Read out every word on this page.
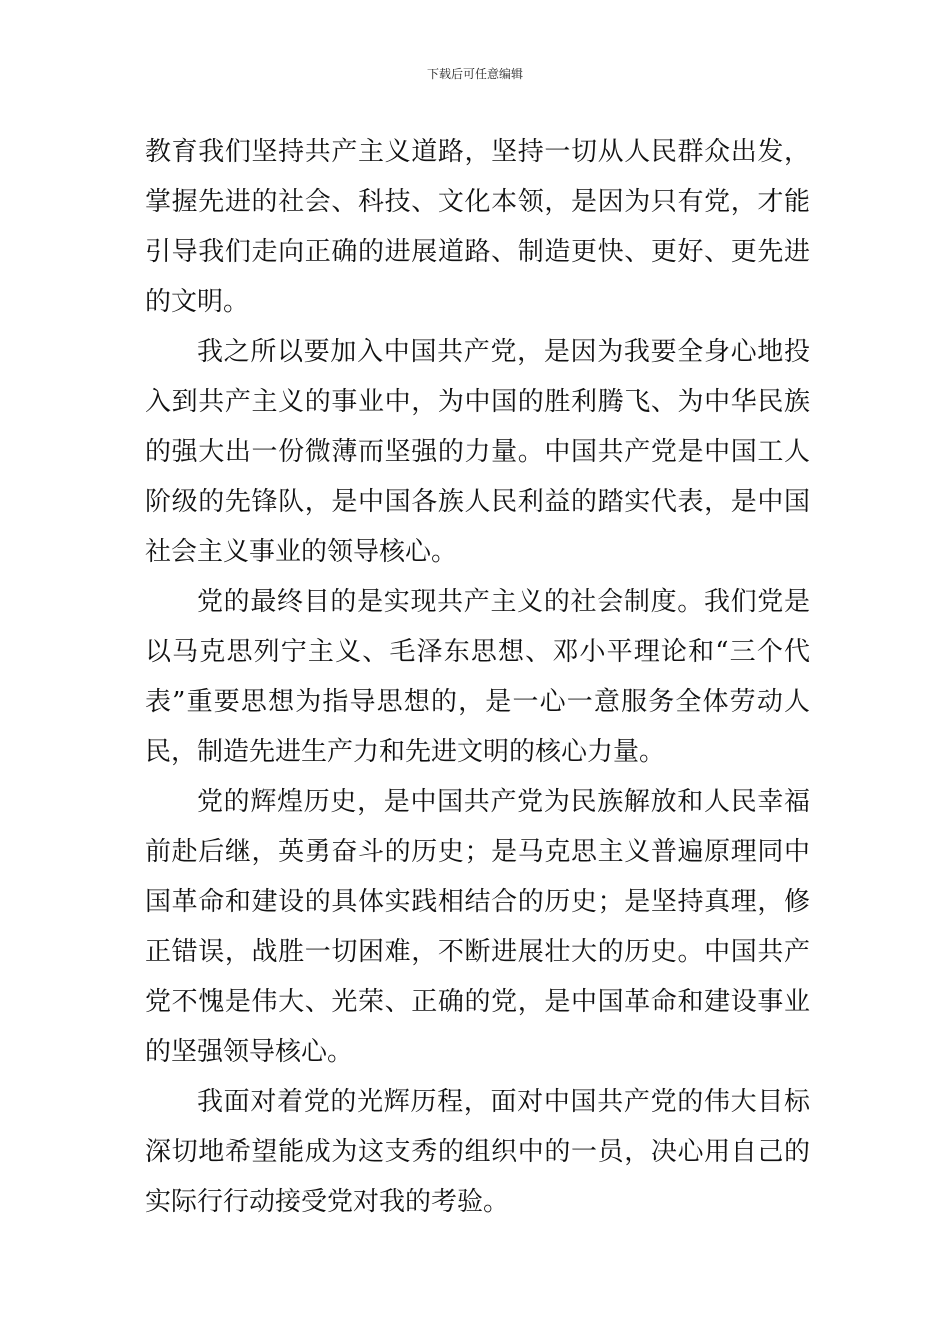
下载后可任意编辑

教育我们坚持共产主义道路，坚持一切从人民群众出发，掌握先进的社会、科技、文化本领，是因为只有党，才能引导我们走向正确的进展道路、制造更快、更好、更先进的文明。

我之所以要加入中国共产党，是因为我要全身心地投入到共产主义的事业中，为中国的胜利腾飞、为中华民族的强大出一份微薄而坚强的力量。中国共产党是中国工人阶级的先锋队，是中国各族人民利益的踏实代表，是中国社会主义事业的领导核心。

党的最终目的是实现共产主义的社会制度。我们党是以马克思列宁主义、毛泽东思想、邓小平理论和“三个代表”重要思想为指导思想的，是一心一意服务全体劳动人民，制造先进生产力和先进文明的核心力量。

党的辉煌历史，是中国共产党为民族解放和人民幸福前赴后继，英勇奋斗的历史；是马克思主义普遍原理同中国革命和建设的具体实践相结合的历史；是坚持真理，修正错误，战胜一切困难，不断进展壮大的历史。中国共产党不愧是伟大、光荣、正确的党，是中国革命和建设事业的坚强领导核心。

我面对着党的光辉历程，面对中国共产党的伟大目标深切地希望能成为这支秀的组织中的一员，决心用自己的实际行行动接受党对我的考验。
